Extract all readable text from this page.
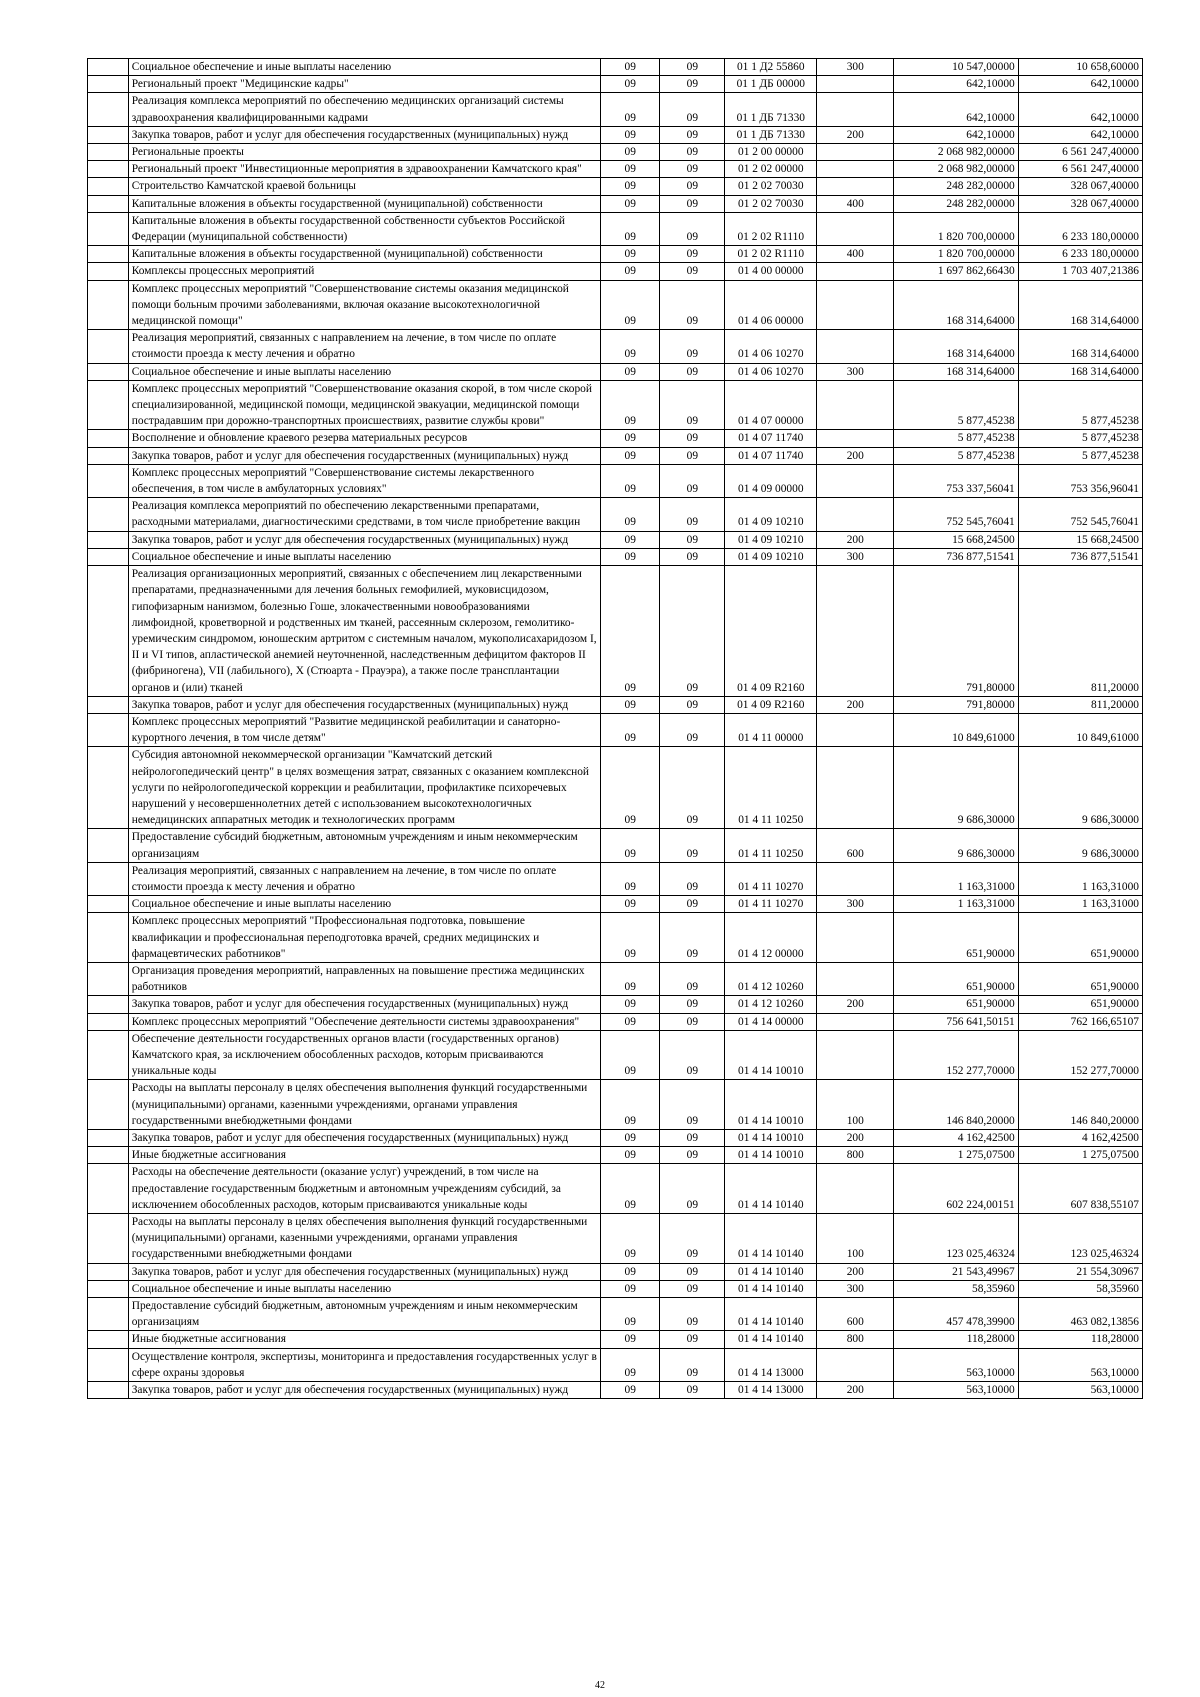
	Социальное обеспечение и иные выплаты населению	09	09	01 1 Д2 55860	300	10 547,00000	10 658,60000
	Региональный проект "Медицинские кадры"	09	09	01 1 ДБ 00000		642,10000	642,10000
	Реализация комплекса мероприятий по обеспечению медицинских организаций системы здравоохранения квалифицированными кадрами	09	09	01 1 ДБ 71330		642,10000	642,10000
	Закупка товаров, работ и услуг для обеспечения государственных (муниципальных) нужд	09	09	01 1 ДБ 71330	200	642,10000	642,10000
	Региональные проекты	09	09	01 2 00 00000		2 068 982,00000	6 561 247,40000
	Региональный проект "Инвестиционные мероприятия в здравоохранении Камчатского края"	09	09	01 2 02 00000		2 068 982,00000	6 561 247,40000
	Строительство Камчатской краевой больницы	09	09	01 2 02 70030		248 282,00000	328 067,40000
	Капитальные вложения в объекты государственной (муниципальной) собственности	09	09	01 2 02 70030	400	248 282,00000	328 067,40000
	Капитальные вложения в объекты государственной собственности субъектов Российской Федерации (муниципальной собственности)	09	09	01 2 02 R1110		1 820 700,00000	6 233 180,00000
	Капитальные вложения в объекты государственной (муниципальной) собственности	09	09	01 2 02 R1110	400	1 820 700,00000	6 233 180,00000
	Комплексы процессных мероприятий	09	09	01 4 00 00000		1 697 862,66430	1 703 407,21386
	Комплекс процессных мероприятий "Совершенствование системы оказания медицинской помощи больным прочими заболеваниями, включая оказание высокотехнологичной медицинской помощи"	09	09	01 4 06 00000		168 314,64000	168 314,64000
	Реализация мероприятий, связанных с направлением на лечение, в том числе по оплате стоимости проезда к месту лечения и обратно	09	09	01 4 06 10270		168 314,64000	168 314,64000
	Социальное обеспечение и иные выплаты населению	09	09	01 4 06 10270	300	168 314,64000	168 314,64000
	Комплекс процессных мероприятий "Совершенствование оказания скорой, в том числе скорой специализированной, медицинской помощи, медицинской эвакуации, медицинской помощи пострадавшим при дорожно-транспортных происшествиях, развитие службы крови"	09	09	01 4 07 00000		5 877,45238	5 877,45238
	Восполнение и обновление краевого резерва материальных ресурсов	09	09	01 4 07 11740		5 877,45238	5 877,45238
	Закупка товаров, работ и услуг для обеспечения государственных (муниципальных) нужд	09	09	01 4 07 11740	200	5 877,45238	5 877,45238
	Комплекс процессных мероприятий "Совершенствование системы лекарственного обеспечения, в том числе в амбулаторных условиях"	09	09	01 4 09 00000		753 337,56041	753 356,96041
	Реализация комплекса мероприятий по обеспечению лекарственными препаратами, расходными материалами, диагностическими средствами, в том числе приобретение вакцин	09	09	01 4 09 10210		752 545,76041	752 545,76041
	Закупка товаров, работ и услуг для обеспечения государственных (муниципальных) нужд	09	09	01 4 09 10210	200	15 668,24500	15 668,24500
	Социальное обеспечение и иные выплаты населению	09	09	01 4 09 10210	300	736 877,51541	736 877,51541
	Реализация организационных мероприятий, связанных с обеспечением лиц лекарственными препаратами, предназначенными для лечения больных гемофилией, муковисцидозом, гипофизарным нанизмом, болезнью Гоше, злокачественными новообразованиями лимфоидной, кроветворной и родственных им тканей, рассеянным склерозом, гемолитико-уремическим синдромом, юношеским артритом с системным началом, мукополисахаридозом I, II и VI типов, апластической анемией неуточненной, наследственным дефицитом факторов II (фибриногена), VII (лабильного), X (Стюарта - Прауэра), а также после трансплантации органов и (или) тканей	09	09	01 4 09 R2160		791,80000	811,20000
	Закупка товаров, работ и услуг для обеспечения государственных (муниципальных) нужд	09	09	01 4 09 R2160	200	791,80000	811,20000
	Комплекс процессных мероприятий "Развитие медицинской реабилитации и санаторно-курортного лечения, в том числе детям"	09	09	01 4 11 00000		10 849,61000	10 849,61000
	Субсидия автономной некоммерческой организации "Камчатский детский нейрологопедический центр" в целях возмещения затрат, связанных с оказанием комплексной услуги по нейрологопедической коррекции и реабилитации, профилактике психоречевых нарушений у несовершеннолетних детей с использованием высокотехнологичных немедицинских аппаратных методик и технологических программ	09	09	01 4 11 10250		9 686,30000	9 686,30000
	Предоставление субсидий бюджетным, автономным учреждениям и иным некоммерческим организациям	09	09	01 4 11 10250	600	9 686,30000	9 686,30000
	Реализация мероприятий, связанных с направлением на лечение, в том числе по оплате стоимости проезда к месту лечения и обратно	09	09	01 4 11 10270		1 163,31000	1 163,31000
	Социальное обеспечение и иные выплаты населению	09	09	01 4 11 10270	300	1 163,31000	1 163,31000
	Комплекс процессных мероприятий "Профессиональная подготовка, повышение квалификации и профессиональная переподготовка врачей, средних медицинских и фармацевтических работников"	09	09	01 4 12 00000		651,90000	651,90000
	Организация проведения мероприятий, направленных на повышение престижа медицинских работников	09	09	01 4 12 10260		651,90000	651,90000
	Закупка товаров, работ и услуг для обеспечения государственных (муниципальных) нужд	09	09	01 4 12 10260	200	651,90000	651,90000
	Комплекс процессных мероприятий "Обеспечение деятельности системы здравоохранения"	09	09	01 4 14 00000		756 641,50151	762 166,65107
	Обеспечение деятельности государственных органов власти (государственных органов) Камчатского края, за исключением обособленных расходов, которым присваиваются уникальные коды	09	09	01 4 14 10010		152 277,70000	152 277,70000
	Расходы на выплаты персоналу в целях обеспечения выполнения функций государственными (муниципальными) органами, казенными учреждениями, органами управления государственными внебюджетными фондами	09	09	01 4 14 10010	100	146 840,20000	146 840,20000
	Закупка товаров, работ и услуг для обеспечения государственных (муниципальных) нужд	09	09	01 4 14 10010	200	4 162,42500	4 162,42500
	Иные бюджетные ассигнования	09	09	01 4 14 10010	800	1 275,07500	1 275,07500
	Расходы на обеспечение деятельности (оказание услуг) учреждений, в том числе на предоставление государственным бюджетным и автономным учреждениям субсидий, за исключением обособленных расходов, которым присваиваются уникальные коды	09	09	01 4 14 10140		602 224,00151	607 838,55107
	Расходы на выплаты персоналу в целях обеспечения выполнения функций государственными (муниципальными) органами, казенными учреждениями, органами управления государственными внебюджетными фондами	09	09	01 4 14 10140	100	123 025,46324	123 025,46324
	Закупка товаров, работ и услуг для обеспечения государственных (муниципальных) нужд	09	09	01 4 14 10140	200	21 543,49967	21 554,30967
	Социальное обеспечение и иные выплаты населению	09	09	01 4 14 10140	300	58,35960	58,35960
	Предоставление субсидий бюджетным, автономным учреждениям и иным некоммерческим организациям	09	09	01 4 14 10140	600	457 478,39900	463 082,13856
	Иные бюджетные ассигнования	09	09	01 4 14 10140	800	118,28000	118,28000
	Осуществление контроля, экспертизы, мониторинга и предоставления государственных услуг в сфере охраны здоровья	09	09	01 4 14 13000		563,10000	563,10000
	Закупка товаров, работ и услуг для обеспечения государственных (муниципальных) нужд	09	09	01 4 14 13000	200	563,10000	563,10000
42
